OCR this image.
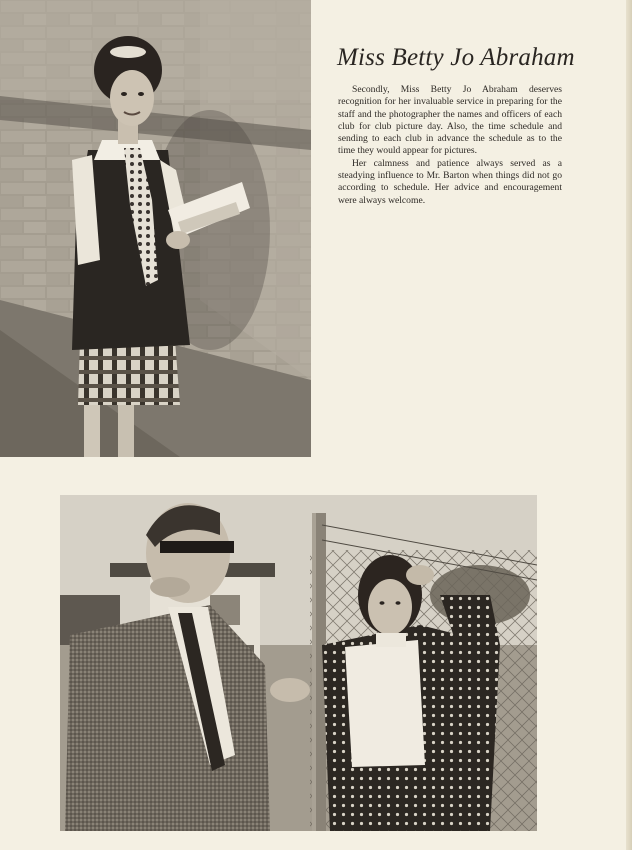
Miss Betty Jo Abraham

Secondly, Miss Betty Jo Abraham deserves recognition for her invaluable service in preparing for the staff and the photographer the names and officers of each club for club picture day. Also, the time schedule and sending to each club in advance the schedule as to the time they would appear for pictures.

Her calmness and patience always served as a steadying influence to Mr. Barton when things did not go according to schedule. Her advice and encouragement were always welcome.
